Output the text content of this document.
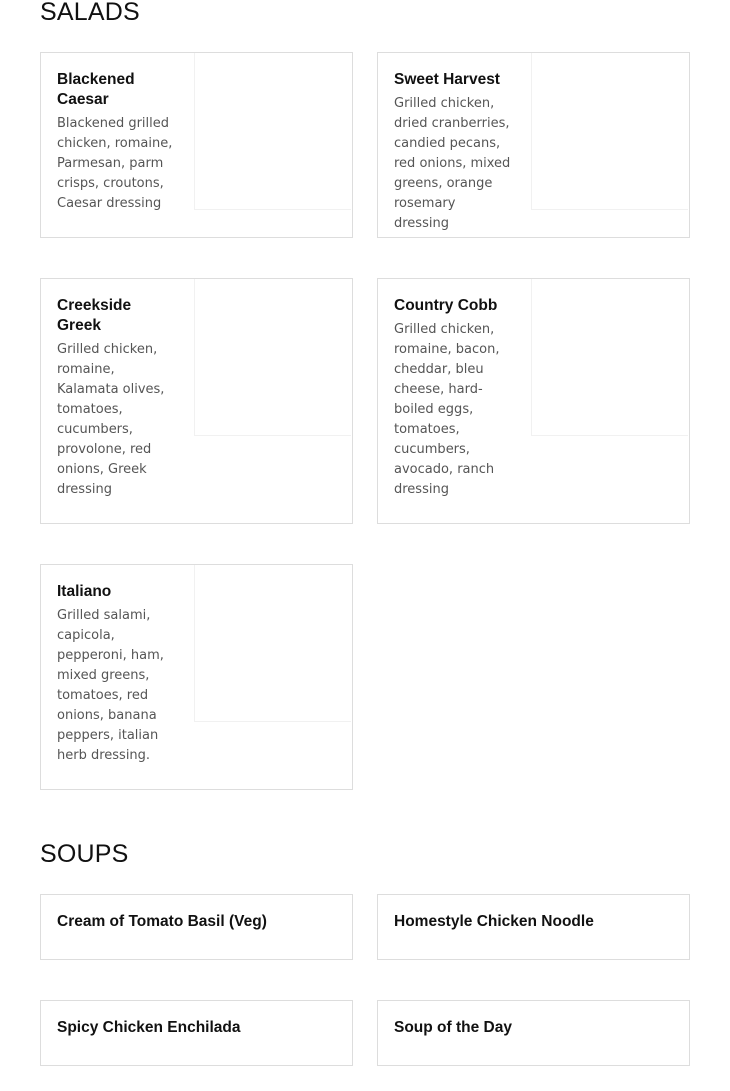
SALADS
Blackened Caesar

Blackened grilled chicken, romaine, Parmesan, parm crisps, croutons, Caesar dressing

Sweet Harvest

Grilled chicken, dried cranberries, candied pecans, red onions, mixed greens, orange rosemary dressing

Creekside Greek

Grilled chicken, romaine, Kalamata olives, tomatoes, cucumbers, provolone, red onions, Greek dressing

Country Cobb

Grilled chicken, romaine, bacon, cheddar, bleu cheese, hard-boiled eggs, tomatoes, cucumbers, avocado, ranch dressing

Italiano

Grilled salami, capicola, pepperoni, ham, mixed greens, tomatoes, red onions, banana peppers, italian herb dressing.

SOUPS
Cream of Tomato Basil (Veg)	Homestyle Chicken Noodle
Spicy Chicken Enchilada	Soup of the Day
